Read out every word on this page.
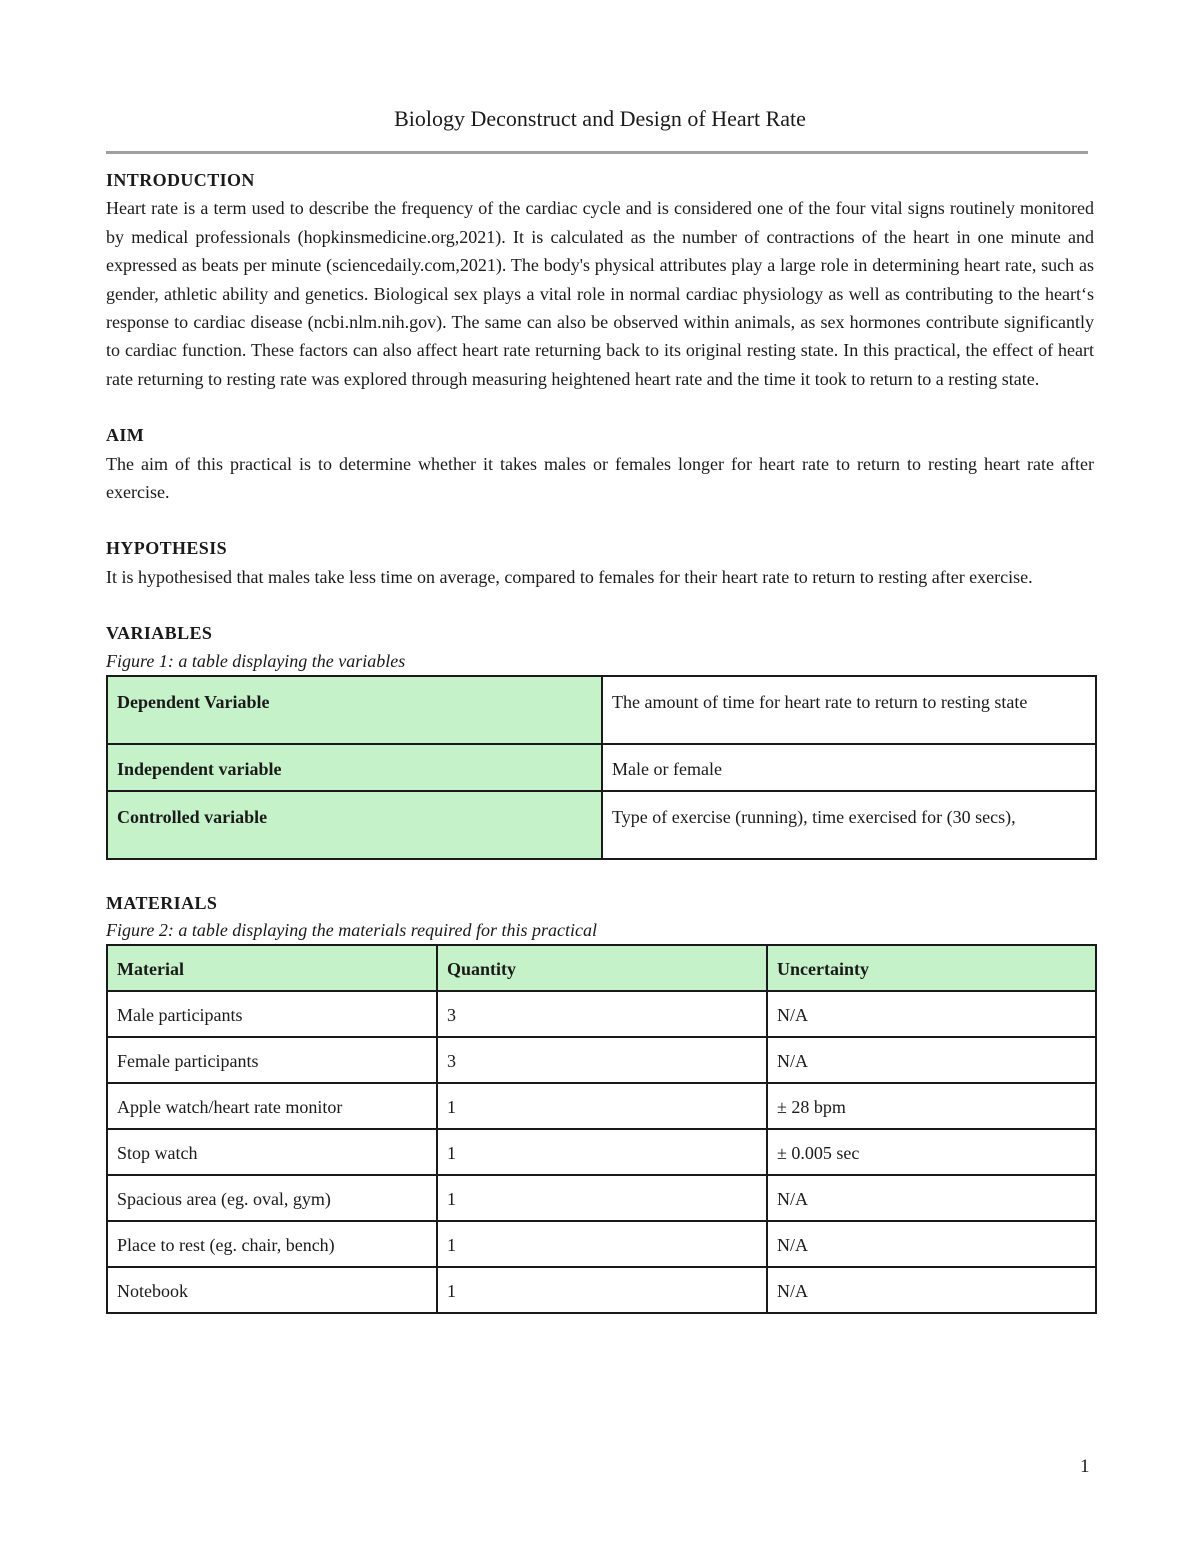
Biology Deconstruct and Design of Heart Rate
INTRODUCTION

Heart rate is a term used to describe the frequency of the cardiac cycle and is considered one of the four vital signs routinely monitored by medical professionals (hopkinsmedicine.org,2021). It is calculated as the number of contractions of the heart in one minute and expressed as beats per minute (sciencedaily.com,2021). The body's physical attributes play a large role in determining heart rate, such as gender, athletic ability and genetics. Biological sex plays a vital role in normal cardiac physiology as well as contributing to the heart‘s response to cardiac disease (ncbi.nlm.nih.gov). The same can also be observed within animals, as sex hormones contribute significantly to cardiac function. These factors can also affect heart rate returning back to its original resting state. In this practical, the effect of heart rate returning to resting rate was explored through measuring heightened heart rate and the time it took to return to a resting state.

AIM

The aim of this practical is to determine whether it takes males or females longer for heart rate to return to resting heart rate after exercise.

HYPOTHESIS

It is hypothesised that males take less time on average, compared to females for their heart rate to return to resting after exercise.

VARIABLES

Figure 1: a table displaying the variables

Dependent Variable	The amount of time for heart rate to return to resting state
Independent variable	Male or female
Controlled variable	Type of exercise (running), time exercised for (30 secs),
MATERIALS

Figure 2: a table displaying the materials required for this practical

Material	Quantity	Uncertainty
Male participants	3	N/A
Female participants	3	N/A
Apple watch/heart rate monitor	1	± 28 bpm
Stop watch	1	± 0.005 sec
Spacious area (eg. oval, gym)	1	N/A
Place to rest (eg. chair, bench)	1	N/A
Notebook	1	N/A
1
